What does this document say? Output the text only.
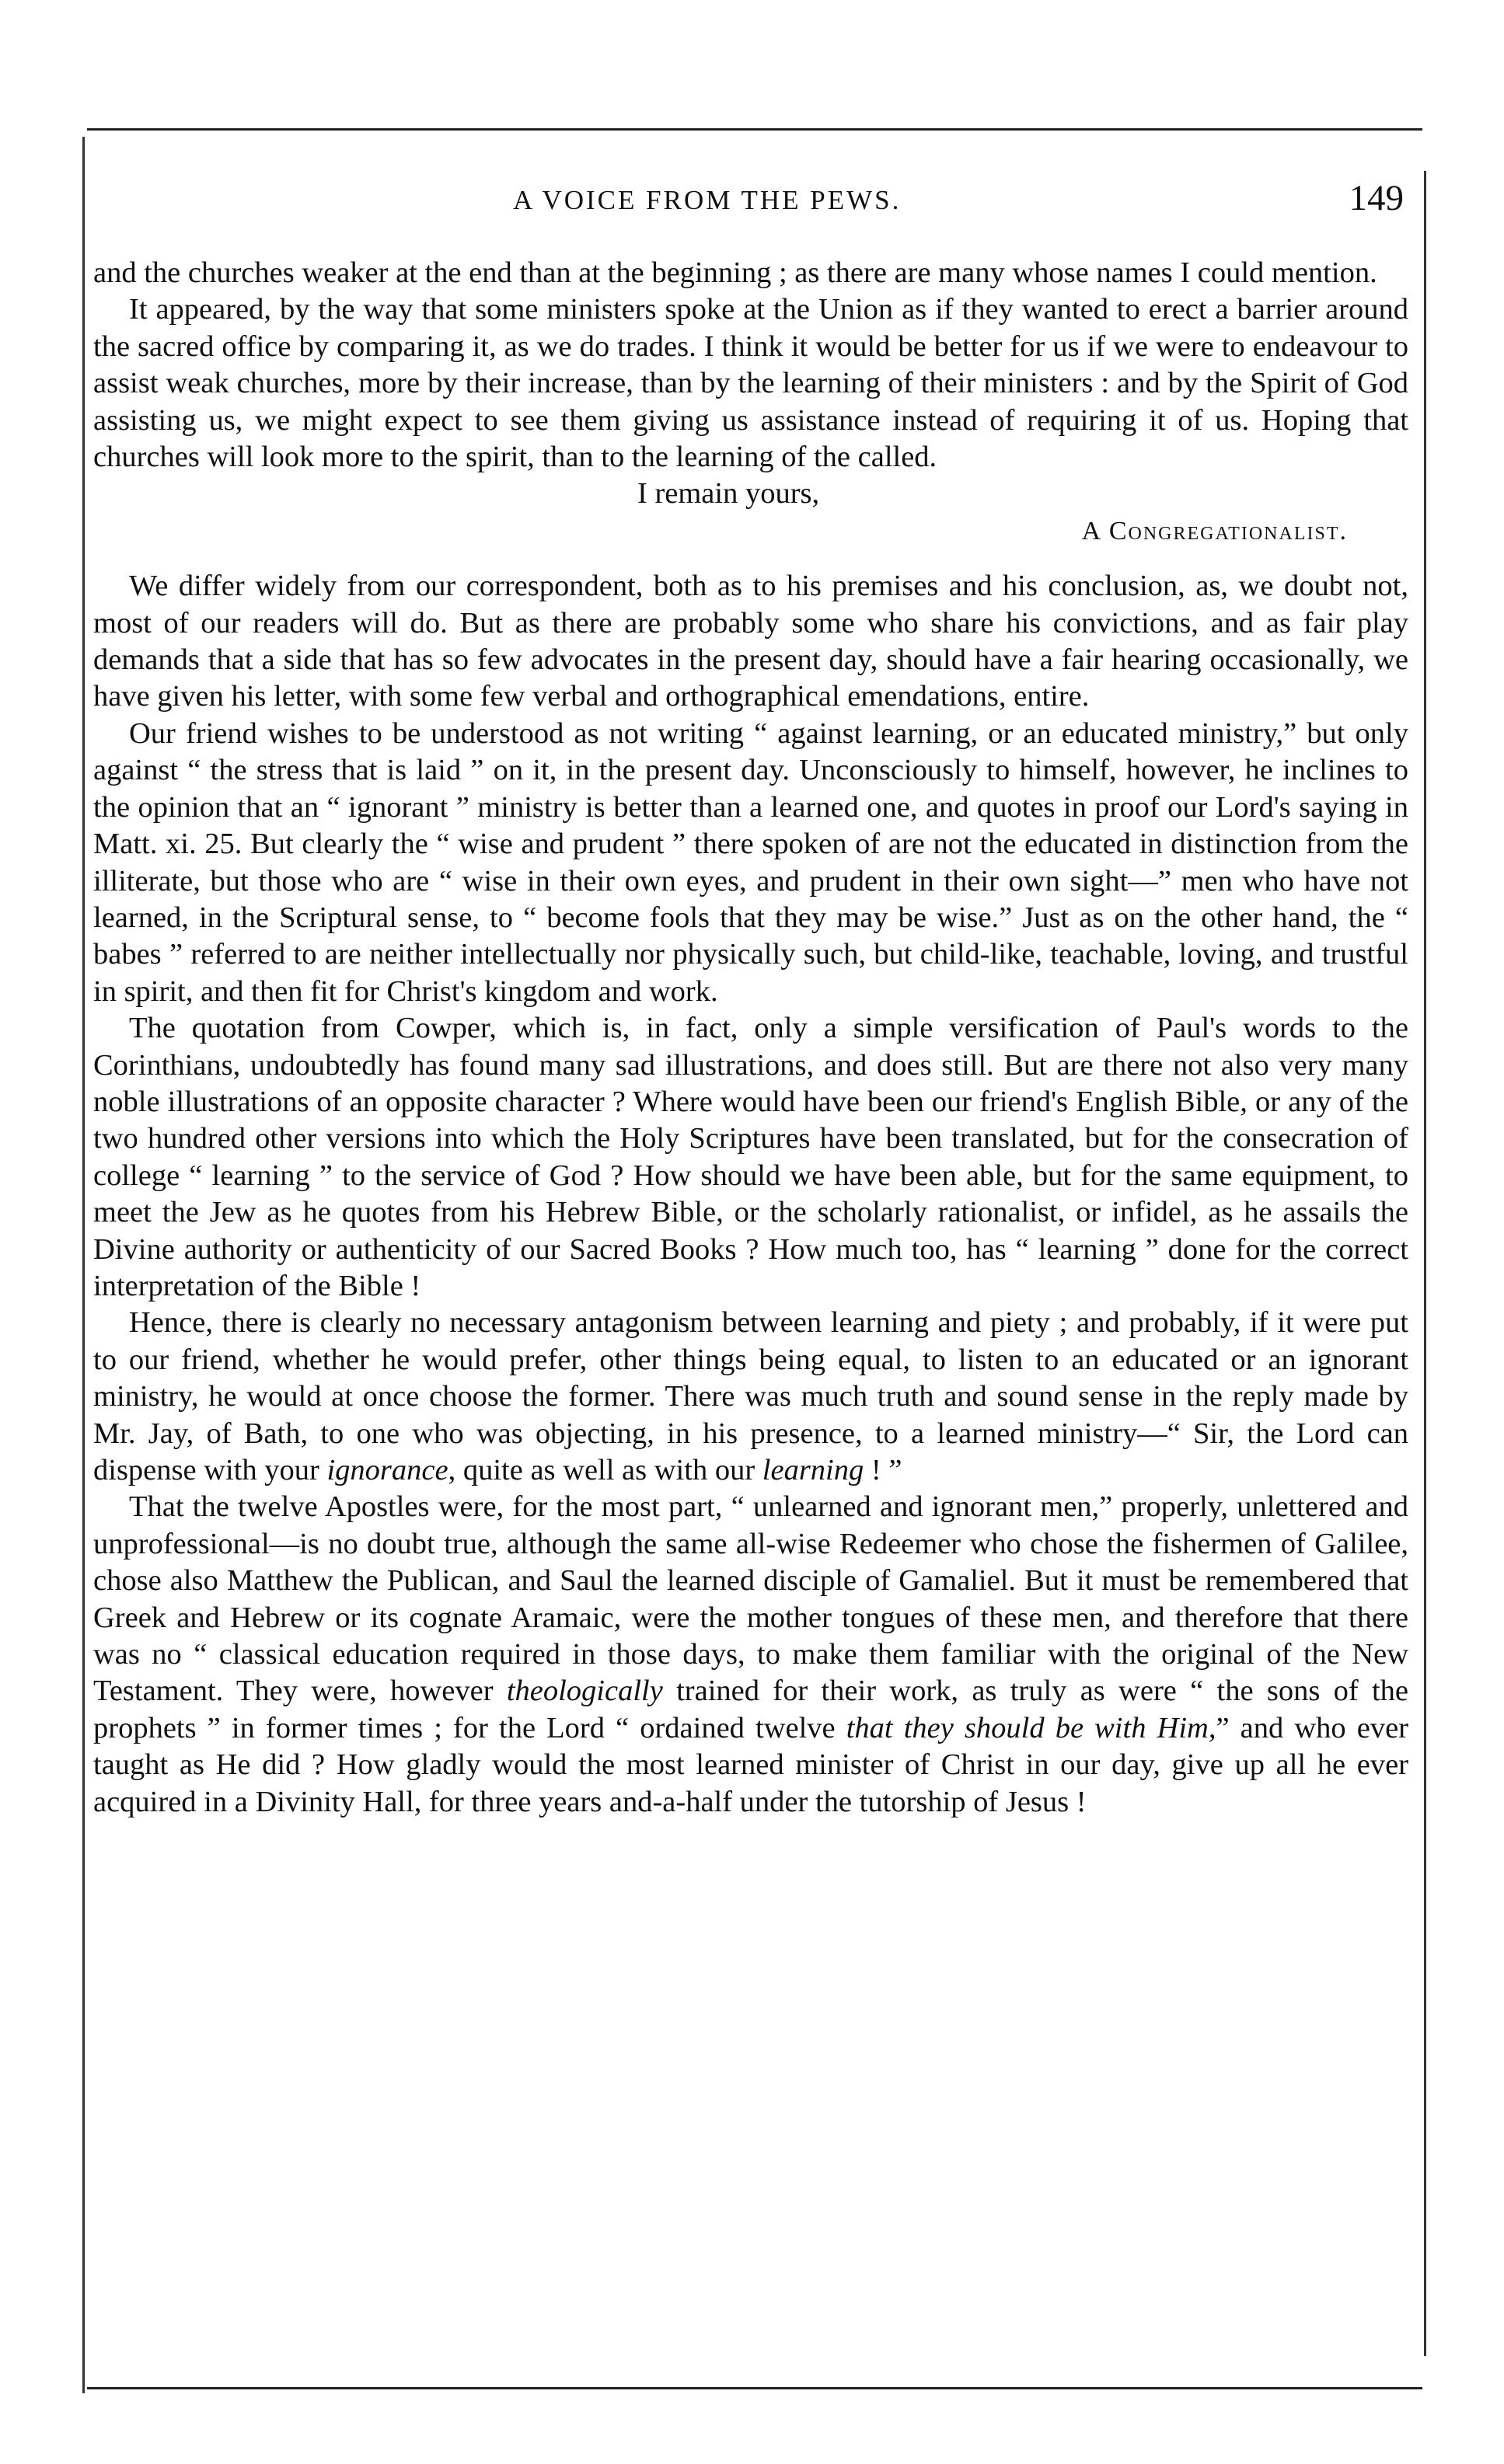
A VOICE FROM THE PEWS.	149

and the churches weaker at the end than at the beginning ; as there are many whose names I could mention.

It appeared, by the way that some ministers spoke at the Union as if they wanted to erect a barrier around the sacred office by comparing it, as we do trades. I think it would be better for us if we were to endeavour to assist weak churches, more by their increase, than by the learning of their ministers : and by the Spirit of God assisting us, we might expect to see them giving us assistance instead of requiring it of us. Hoping that churches will look more to the spirit, than to the learning of the called.

I remain yours,

A Congregationalist.

We differ widely from our correspondent, both as to his premises and his conclusion, as, we doubt not, most of our readers will do. But as there are probably some who share his convictions, and as fair play demands that a side that has so few advocates in the present day, should have a fair hearing occasionally, we have given his letter, with some few verbal and orthographical emendations, entire.

Our friend wishes to be understood as not writing “ against learning, or an educated ministry,” but only against “ the stress that is laid ” on it, in the present day. Unconsciously to himself, however, he inclines to the opinion that an “ ignorant ” ministry is better than a learned one, and quotes in proof our Lord's saying in Matt. xi. 25. But clearly the “ wise and prudent ” there spoken of are not the educated in distinction from the illiterate, but those who are “ wise in their own eyes, and prudent in their own sight—” men who have not learned, in the Scriptural sense, to “ become fools that they may be wise.” Just as on the other hand, the “ babes ” referred to are neither intellectually nor physically such, but child-like, teachable, loving, and trustful in spirit, and then fit for Christ's kingdom and work.

The quotation from Cowper, which is, in fact, only a simple versification of Paul's words to the Corinthians, undoubtedly has found many sad illustrations, and does still. But are there not also very many noble illustrations of an opposite character ? Where would have been our friend's English Bible, or any of the two hundred other versions into which the Holy Scriptures have been translated, but for the consecration of college “ learning ” to the service of God ? How should we have been able, but for the same equipment, to meet the Jew as he quotes from his Hebrew Bible, or the scholarly rationalist, or infidel, as he assails the Divine authority or authenticity of our Sacred Books ? How much too, has “ learning ” done for the correct interpretation of the Bible !

Hence, there is clearly no necessary antagonism between learning and piety ; and probably, if it were put to our friend, whether he would prefer, other things being equal, to listen to an educated or an ignorant ministry, he would at once choose the former. There was much truth and sound sense in the reply made by Mr. Jay, of Bath, to one who was objecting, in his presence, to a learned ministry—“ Sir, the Lord can dispense with your ignorance, quite as well as with our learning ! ”

That the twelve Apostles were, for the most part, “ unlearned and ignorant men,” properly, unlettered and unprofessional—is no doubt true, although the same all-wise Redeemer who chose the fishermen of Galilee, chose also Matthew the Publican, and Saul the learned disciple of Gamaliel. But it must be remembered that Greek and Hebrew or its cognate Aramaic, were the mother tongues of these men, and therefore that there was no “ classical education required in those days, to make them familiar with the original of the New Testament. They were, however theologically trained for their work, as truly as were “ the sons of the prophets ” in former times ; for the Lord “ ordained twelve that they should be with Him,” and who ever taught as He did ? How gladly would the most learned minister of Christ in our day, give up all he ever acquired in a Divinity Hall, for three years and-a-half under the tutorship of Jesus !
